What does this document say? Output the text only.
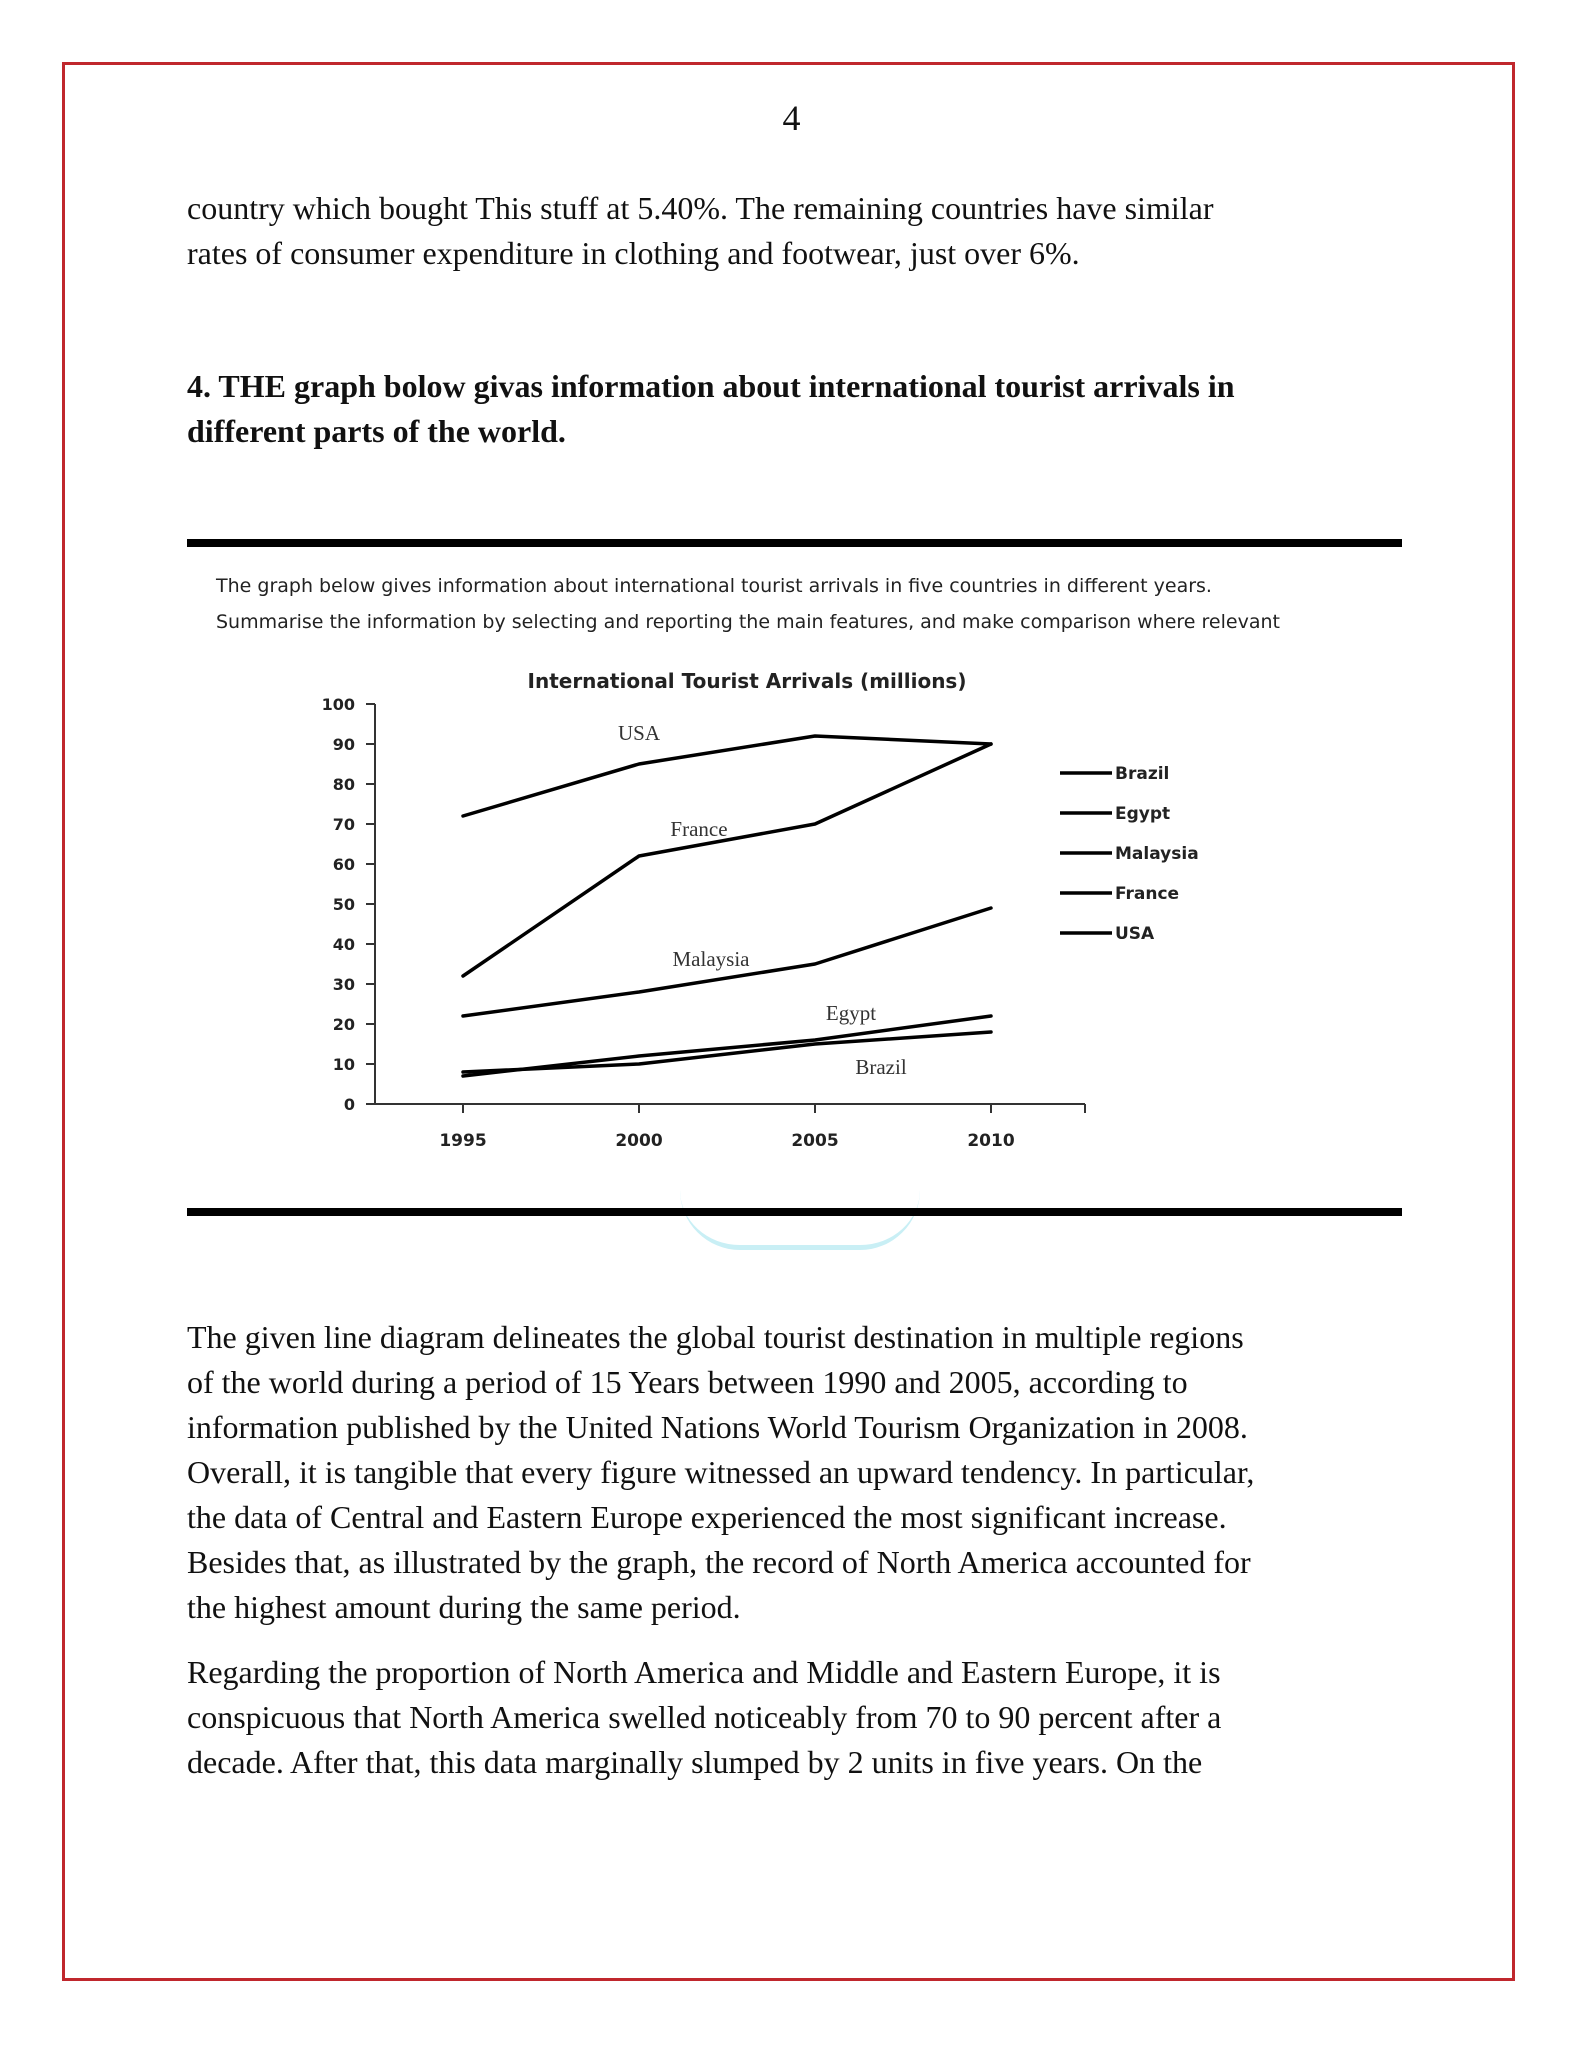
4
country which bought This stuff at 5.40%. The remaining countries have similar
rates of consumer expenditure in clothing and footwear, just over 6%.
4. THE graph bolow givas information about international tourist arrivals in
different parts of the world.

The graph below gives information about international tourist arrivals in five countries in different years.

Summarise the information by selecting and reporting the main features, and make comparison where relevant

International Tourist Arrivals (millions)
0
10
20
30
40
50
60
70
80
90
100
1995	2000	2005	2010
USA
France
Malaysia
Egypt
Brazil
Brazil
Egypt
Malaysia
France
USA
The given line diagram delineates the global tourist destination in multiple regions
of the world during a period of 15 Years between 1990 and 2005, according to
information published by the United Nations World Tourism Organization in 2008.
Overall, it is tangible that every figure witnessed an upward tendency. In particular,
the data of Central and Eastern Europe experienced the most significant increase.
Besides that, as illustrated by the graph, the record of North America accounted for
the highest amount during the same period.
Regarding the proportion of North America and Middle and Eastern Europe, it is
conspicuous that North America swelled noticeably from 70 to 90 percent after a
decade. After that, this data marginally slumped by 2 units in five years. On the
